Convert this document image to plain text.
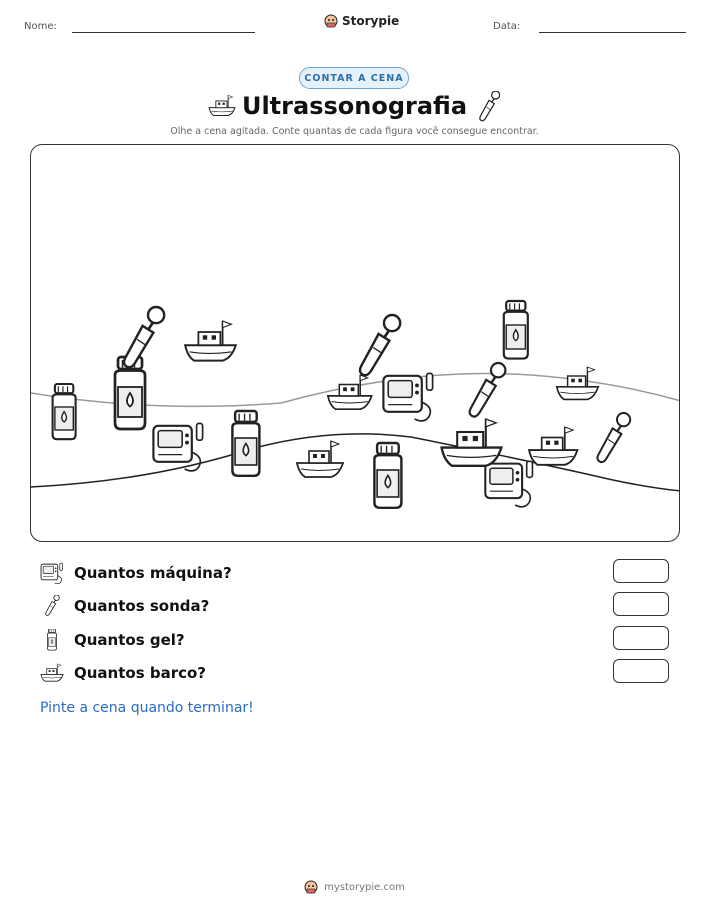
Nome:	Storypie	Data:
CONTAR A CENA
Ultrassonografia
Olhe a cena agitada. Conte quantas de cada figura você consegue encontrar.
Quantos máquina?
Quantos sonda?
Quantos gel?
Quantos barco?
Pinte a cena quando terminar!
mystorypie.com
